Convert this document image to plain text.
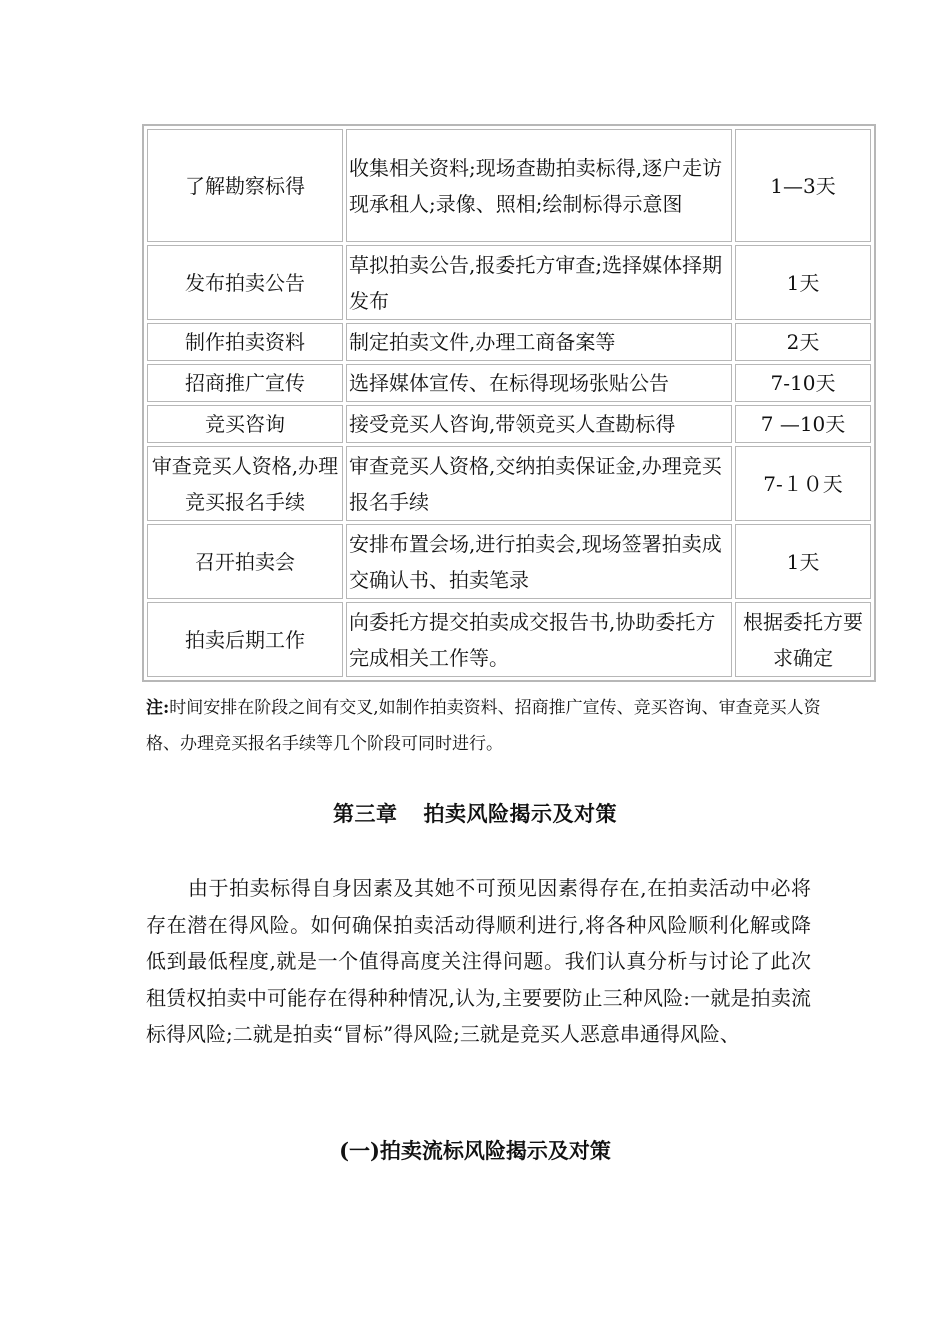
了解勘察标得	收集相关资料;现场查勘拍卖标得,逐户走访现承租人;录像、照相;绘制标得示意图	1—3天
发布拍卖公告	草拟拍卖公告,报委托方审查;选择媒体择期发布	1天
制作拍卖资料	制定拍卖文件,办理工商备案等	2天
招商推广宣传	选择媒体宣传、在标得现场张贴公告	7-10天
竞买咨询	接受竞买人咨询,带领竞买人查勘标得	7 —10天
审查竞买人资格,办理竞买报名手续	审查竞买人资格,交纳拍卖保证金,办理竞买报名手续	7-１０天
召开拍卖会	安排布置会场,进行拍卖会,现场签署拍卖成交确认书、拍卖笔录	1天
拍卖后期工作	向委托方提交拍卖成交报告书,协助委托方完成相关工作等。	根据委托方要求确定
注:时间安排在阶段之间有交叉,如制作拍卖资料、招商推广宣传、竞买咨询、审查竞买人资格、办理竞买报名手续等几个阶段可同时进行。
第三章 拍卖风险揭示及对策
由于拍卖标得自身因素及其她不可预见因素得存在,在拍卖活动中必将存在潜在得风险。如何确保拍卖活动得顺利进行,将各种风险顺利化解或降低到最低程度,就是一个值得高度关注得问题。我们认真分析与讨论了此次租赁权拍卖中可能存在得种种情况,认为,主要要防止三种风险:一就是拍卖流标得风险;二就是拍卖“冒标”得风险;三就是竞买人恶意串通得风险、
(一)拍卖流标风险揭示及对策
